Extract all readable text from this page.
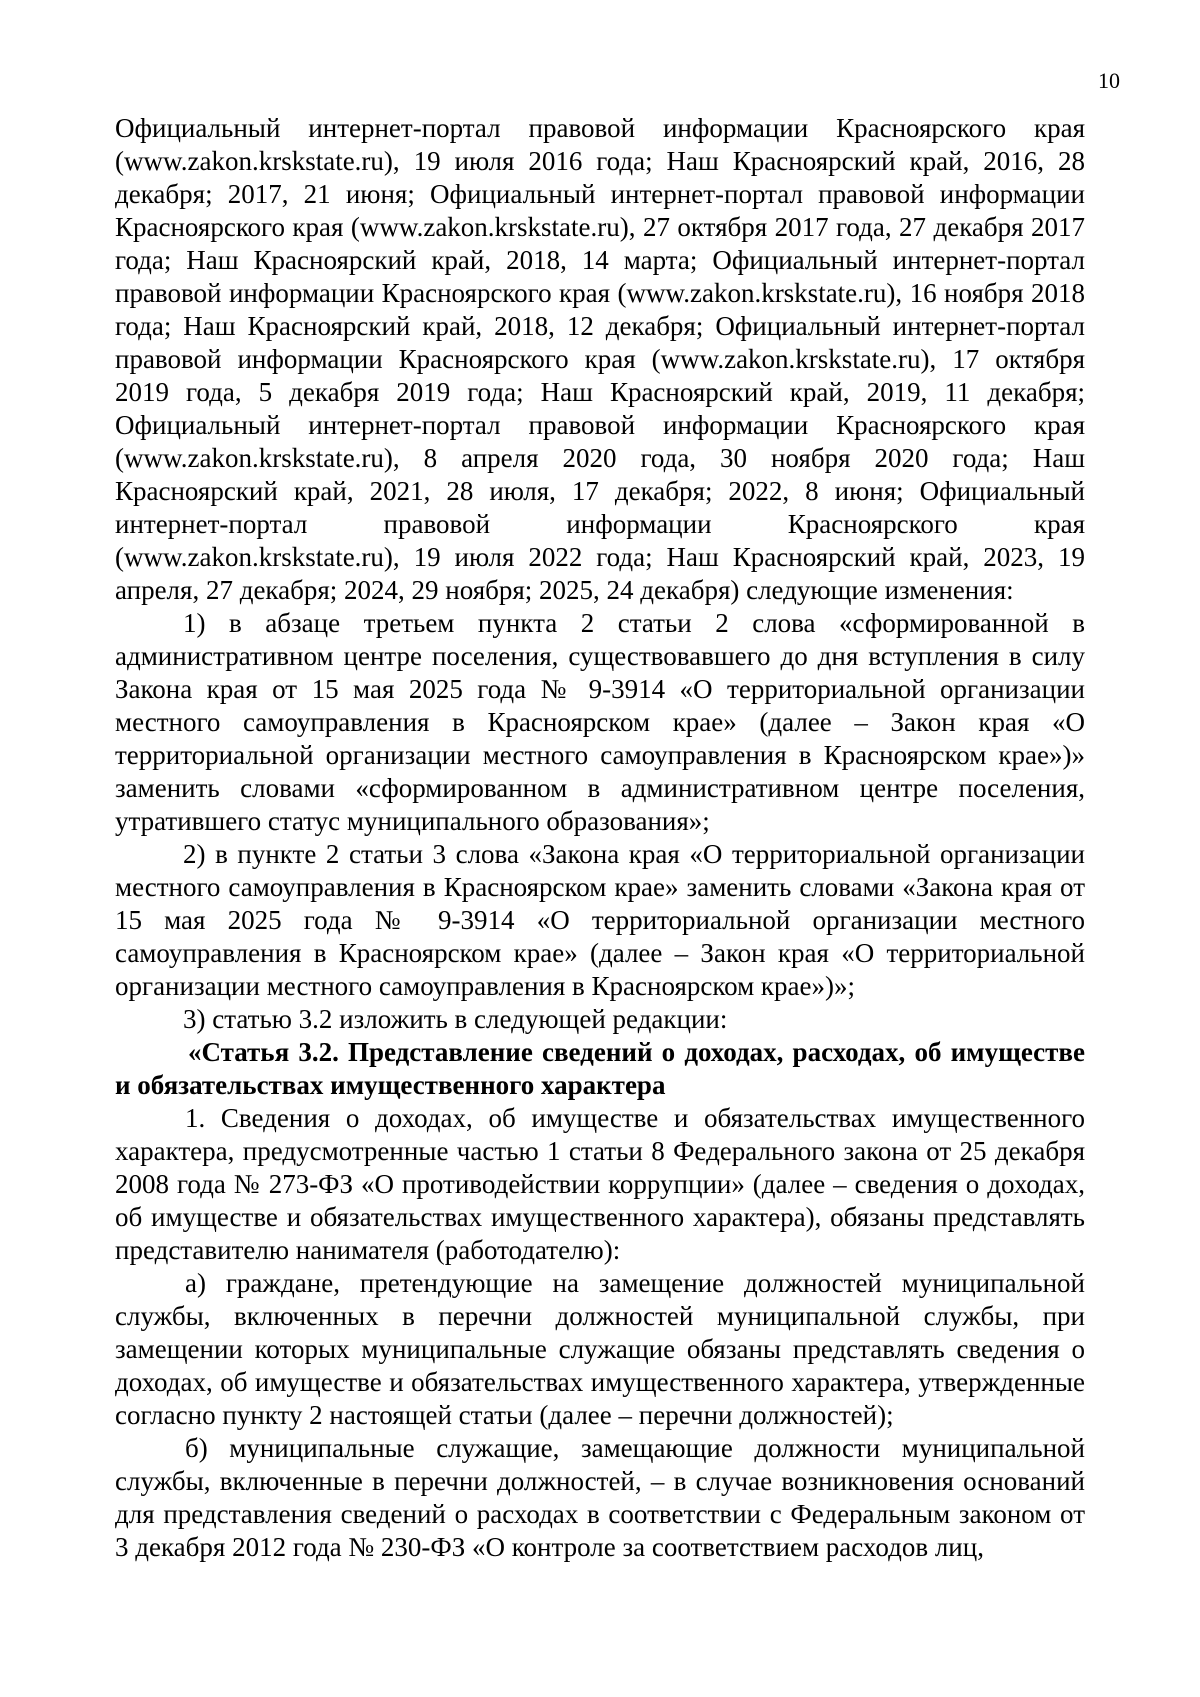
10

Официальный интернет-портал правовой информации Красноярского края (www.zakon.krskstate.ru), 19 июля 2016 года; Наш Красноярский край, 2016, 28 декабря; 2017, 21 июня; Официальный интернет-портал правовой информации Красноярского края (www.zakon.krskstate.ru), 27 октября 2017 года, 27 декабря 2017 года; Наш Красноярский край, 2018, 14 марта; Официальный интернет-портал правовой информации Красноярского края (www.zakon.krskstate.ru), 16 ноября 2018 года; Наш Красноярский край, 2018, 12 декабря; Официальный интернет-портал правовой информации Красноярского края (www.zakon.krskstate.ru), 17 октября 2019 года, 5 декабря 2019 года; Наш Красноярский край, 2019, 11 декабря; Официальный интернет-портал правовой информации Красноярского края (www.zakon.krskstate.ru), 8 апреля 2020 года, 30 ноября 2020 года; Наш Красноярский край, 2021, 28 июля, 17 декабря; 2022, 8 июня; Официальный интернет-портал правовой информации Красноярского края (www.zakon.krskstate.ru), 19 июля 2022 года; Наш Красноярский край, 2023, 19 апреля, 27 декабря; 2024, 29 ноября; 2025, 24 декабря) следующие изменения:

1) в абзаце третьем пункта 2 статьи 2 слова «сформированной в административном центре поселения, существовавшего до дня вступления в силу Закона края от 15 мая 2025 года № 9-3914 «О территориальной организации местного самоуправления в Красноярском крае» (далее – Закон края «О территориальной организации местного самоуправления в Красноярском крае»)» заменить словами «сформированном в административном центре поселения, утратившего статус муниципального образования»;

2) в пункте 2 статьи 3 слова «Закона края «О территориальной организации местного самоуправления в Красноярском крае» заменить словами «Закона края от 15 мая 2025 года № 9-3914 «О территориальной организации местного самоуправления в Красноярском крае» (далее – Закон края «О территориальной организации местного самоуправления в Красноярском крае»)»;

3) статью 3.2 изложить в следующей редакции:

«Статья 3.2. Представление сведений о доходах, расходах, об имуществе и обязательствах имущественного характера

1. Сведения о доходах, об имуществе и обязательствах имущественного характера, предусмотренные частью 1 статьи 8 Федерального закона от 25 декабря 2008 года № 273-ФЗ «О противодействии коррупции» (далее – сведения о доходах, об имуществе и обязательствах имущественного характера), обязаны представлять представителю нанимателя (работодателю):

а) граждане, претендующие на замещение должностей муниципальной службы, включенных в перечни должностей муниципальной службы, при замещении которых муниципальные служащие обязаны представлять сведения о доходах, об имуществе и обязательствах имущественного характера, утвержденные согласно пункту 2 настоящей статьи (далее – перечни должностей);

б) муниципальные служащие, замещающие должности муниципальной службы, включенные в перечни должностей, – в случае возникновения оснований для представления сведений о расходах в соответствии с Федеральным законом от 3 декабря 2012 года № 230-ФЗ «О контроле за соответствием расходов лиц,
